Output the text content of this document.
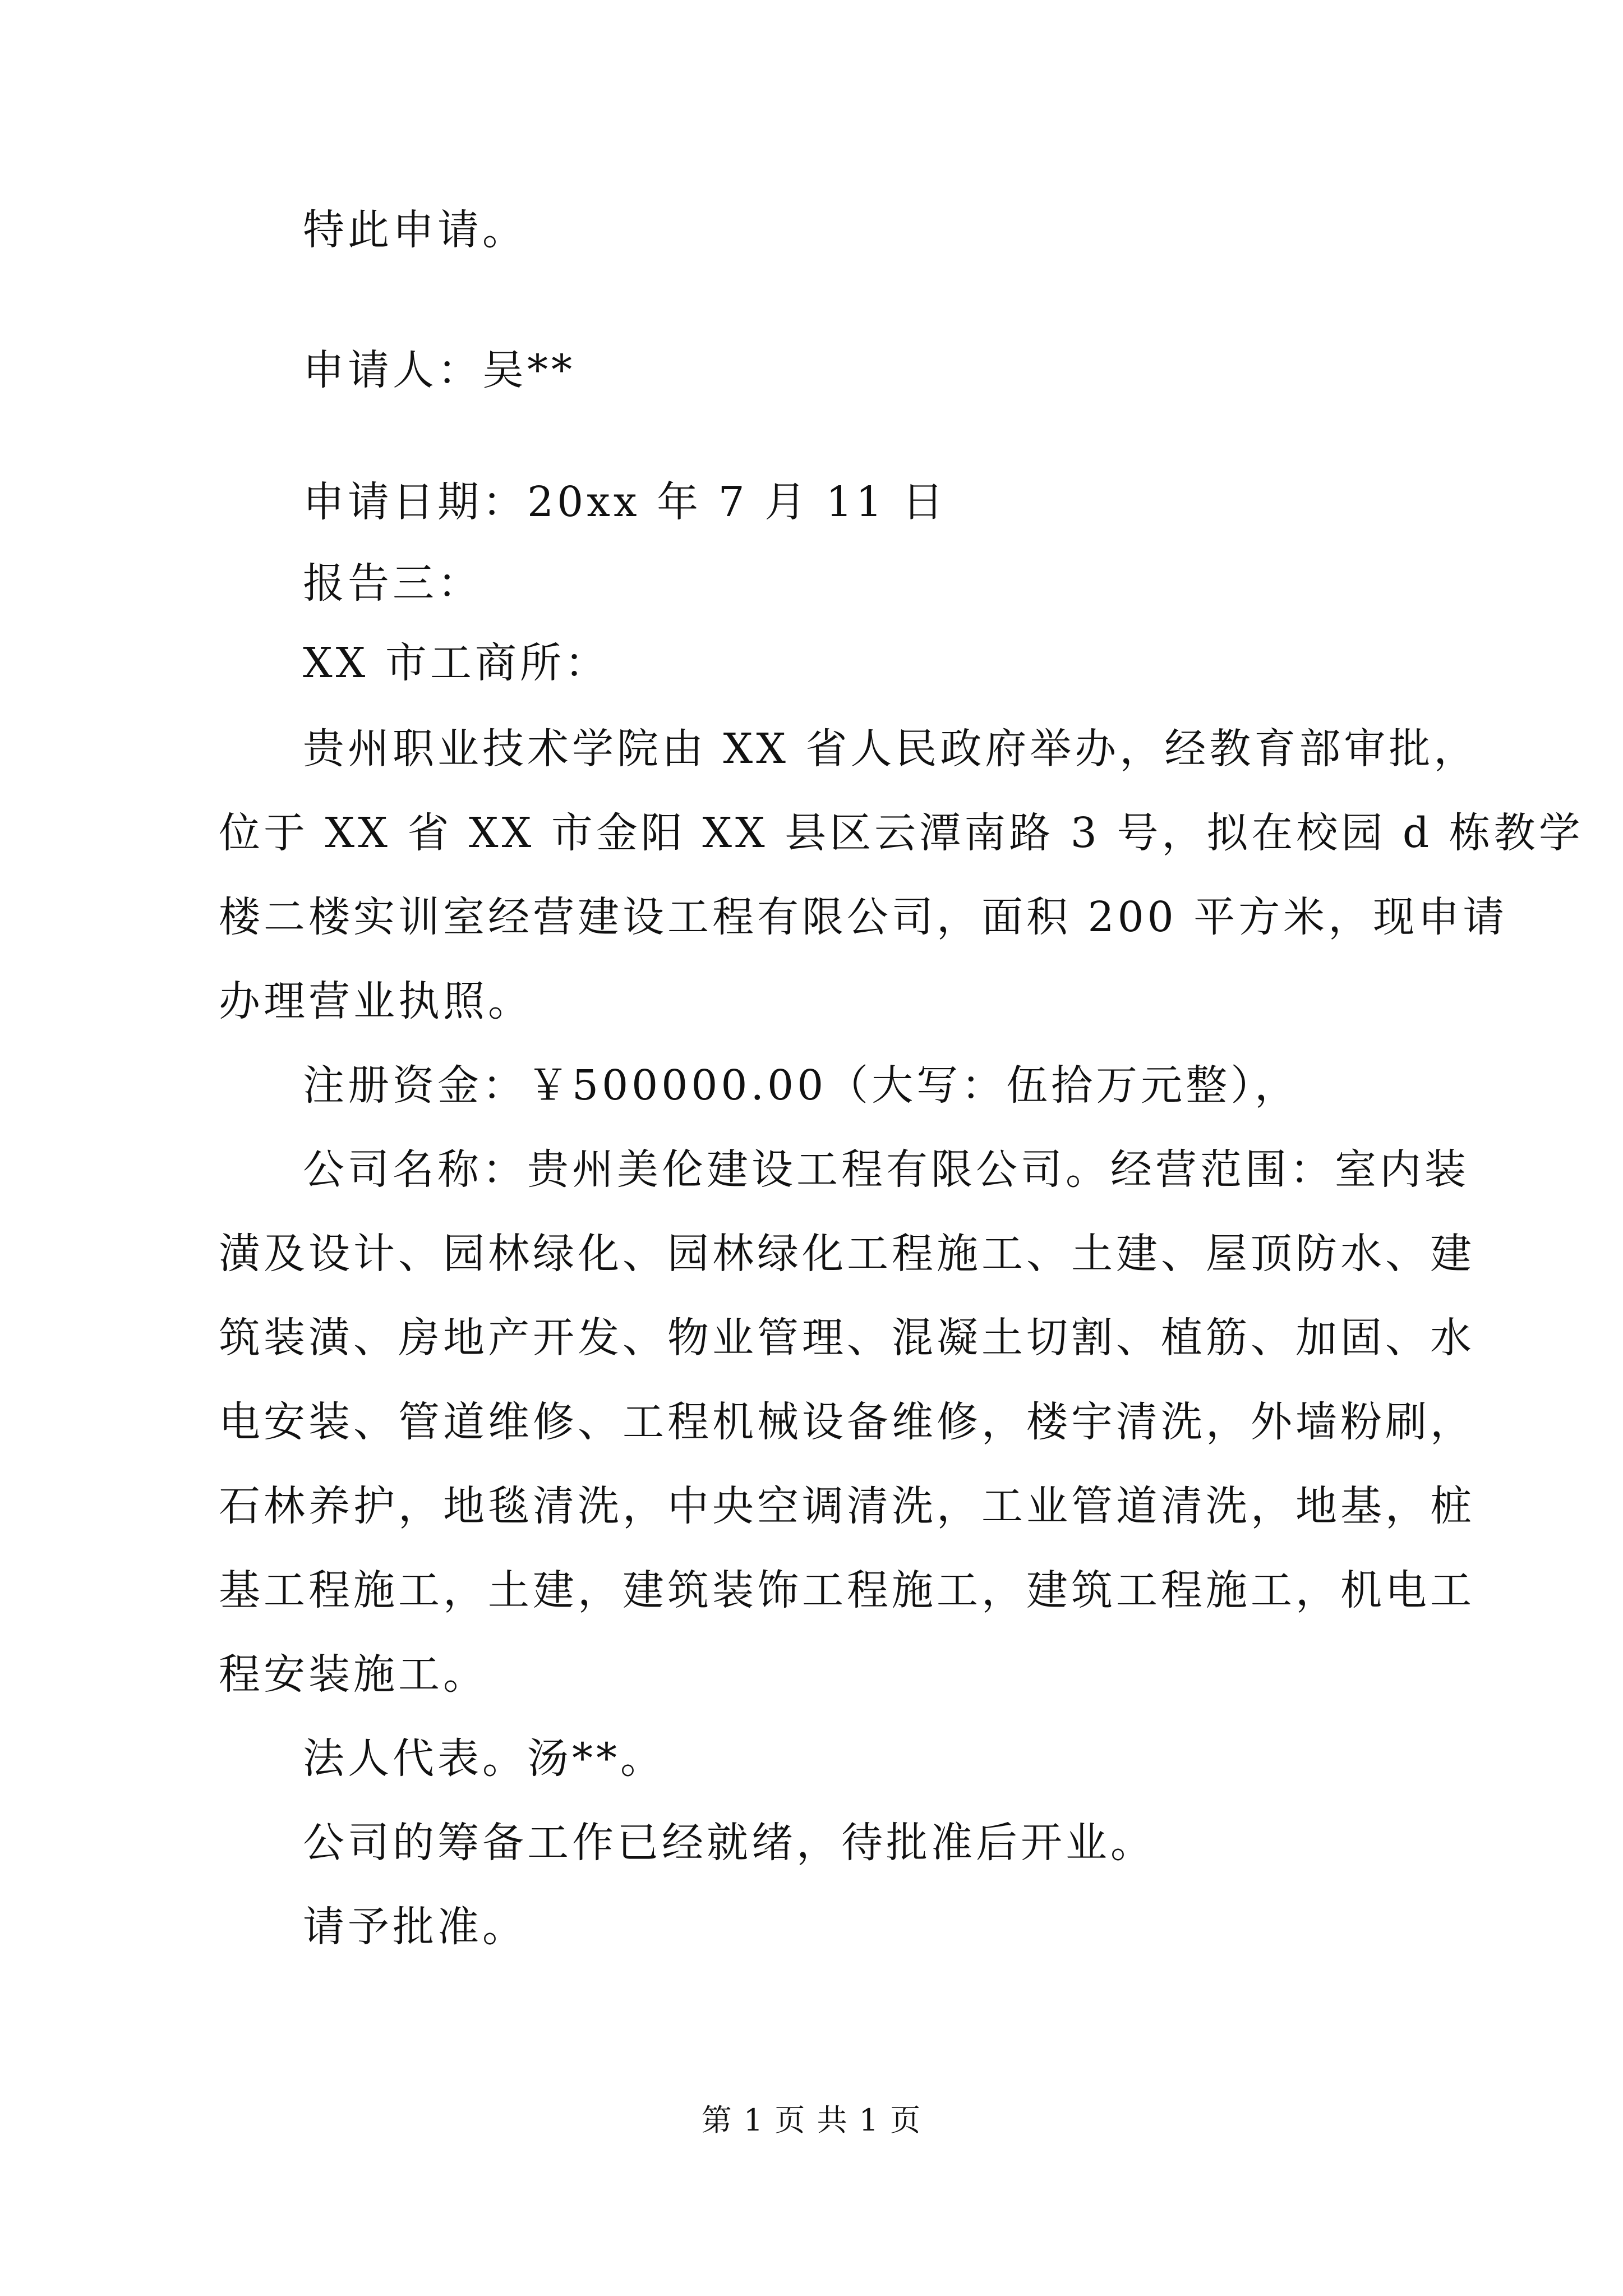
特此申请。
申请人：吴**
申请日期：20xx 年 7 月 11 日
报告三：
XX 市工商所：
贵州职业技术学院由 XX 省人民政府举办，经教育部审批，
位于 XX 省 XX 市金阳 XX 县区云潭南路 3 号，拟在校园 d 栋教学
楼二楼实训室经营建设工程有限公司，面积 200 平方米，现申请
办理营业执照。
注册资金：￥500000.00（大写：伍拾万元整），
公司名称：贵州美伦建设工程有限公司。经营范围：室内装
潢及设计、园林绿化、园林绿化工程施工、土建、屋顶防水、建
筑装潢、房地产开发、物业管理、混凝土切割、植筋、加固、水
电安装、管道维修、工程机械设备维修，楼宇清洗，外墙粉刷，
石林养护，地毯清洗，中央空调清洗，工业管道清洗，地基，桩
基工程施工，土建，建筑装饰工程施工，建筑工程施工，机电工
程安装施工。
法人代表。汤**。
公司的筹备工作已经就绪，待批准后开业。
请予批准。
第 1 页 共 1 页
